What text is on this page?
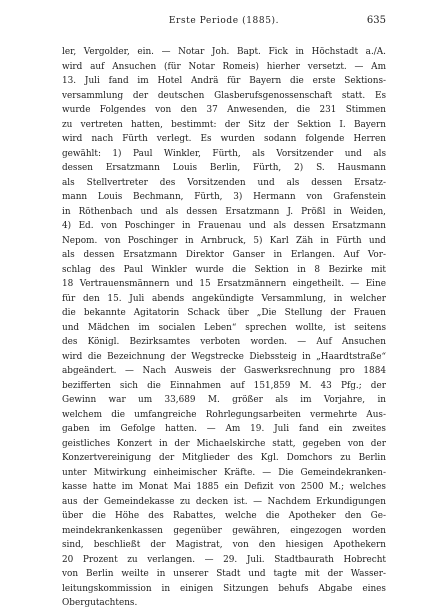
Erste Periode (1885).	635
ler, Vergolder, ein. — Notar Joh. Bapt. Fick in Höchstadt a./A.
wird auf Ansuchen (für Notar Romeis) hierher versetzt. — Am
13. Juli fand im Hotel Andrä für Bayern die erste Sektions-
versammlung der deutschen Glasberufsgenossenschaft statt. Es
wurde Folgendes von den 37 Anwesenden, die 231 Stimmen
zu vertreten hatten, bestimmt: der Sitz der Sektion I. Bayern
wird nach Fürth verlegt. Es wurden sodann folgende Herren
gewählt: 1) Paul Winkler, Fürth, als Vorsitzender und als
dessen Ersatzmann Louis Berlin, Fürth, 2) S. Hausmann
als Stellvertreter des Vorsitzenden und als dessen Ersatz-
mann Louis Bechmann, Fürth, 3) Hermann von Grafenstein
in Röthenbach und als dessen Ersatzmann J. Prößl in Weiden,
4) Ed. von Poschinger in Frauenau und als dessen Ersatzmann
Nepom. von Poschinger in Arnbruck, 5) Karl Zäh in Fürth und
als dessen Ersatzmann Direktor Ganser in Erlangen. Auf Vor-
schlag des Paul Winkler wurde die Sektion in 8 Bezirke mit
18 Vertrauensmännern und 15 Ersatzmännern eingetheilt. — Eine
für den 15. Juli abends angekündigte Versammlung, in welcher
die bekannte Agitatorin Schack über „Die Stellung der Frauen
und Mädchen im socialen Leben“ sprechen wollte, ist seitens
des Königl. Bezirksamtes verboten worden. — Auf Ansuchen
wird die Bezeichnung der Wegstrecke Diebssteig in „Haardtstraße“
abgeändert. — Nach Ausweis der Gaswerksrechnung pro 1884
bezifferten sich die Einnahmen auf 151,859 M. 43 Pfg.; der
Gewinn war um 33,689 M. größer als im Vorjahre, in
welchem die umfangreiche Rohrlegungsarbeiten vermehrte Aus-
gaben im Gefolge hatten. — Am 19. Juli fand ein zweites
geistliches Konzert in der Michaelskirche statt, gegeben von der
Konzertvereinigung der Mitglieder des Kgl. Domchors zu Berlin
unter Mitwirkung einheimischer Kräfte. — Die Gemeindekranken-
kasse hatte im Monat Mai 1885 ein Defizit von 2500 M.; welches
aus der Gemeindekasse zu decken ist. — Nachdem Erkundigungen
über die Höhe des Rabattes, welche die Apotheker den Ge-
meindekrankenkassen gegenüber gewähren, eingezogen worden
sind, beschließt der Magistrat, von den hiesigen Apothekern
20 Prozent zu verlangen. — 29. Juli. Stadtbaurath Hobrecht
von Berlin weilte in unserer Stadt und tagte mit der Wasser-
leitungskommission in einigen Sitzungen behufs Abgabe eines
Obergutachtens.
